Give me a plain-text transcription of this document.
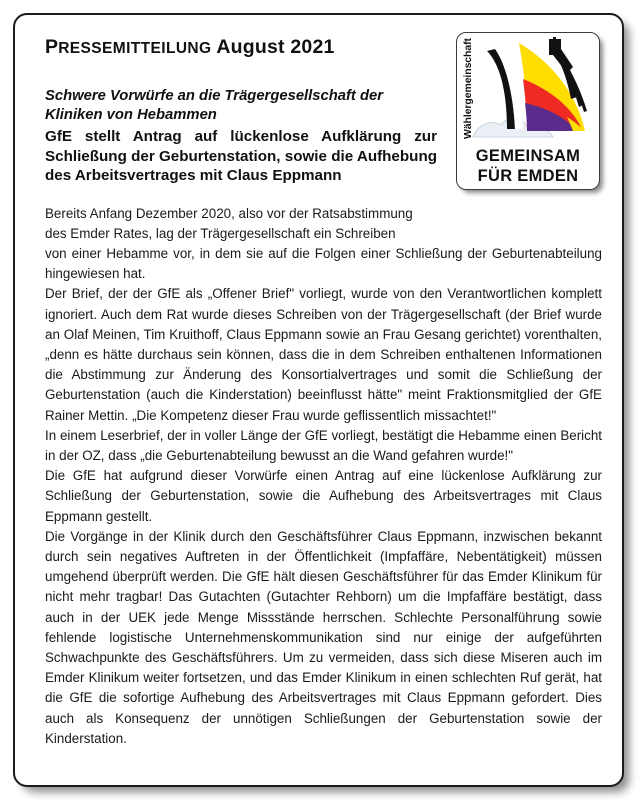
Wählergemeinschaft
GEMEINSAM
FÜR EMDEN
PRESSEMITTEILUNG August 2021
Schwere Vorwürfe an die Trägergesellschaft der Kliniken von Hebammen
GfE stellt Antrag auf lückenlose Aufklärung zur Schließung der Geburtenstation, sowie die Aufhebung des Arbeitsvertrages mit Claus Eppmann

Bereits Anfang Dezember 2020, also vor der Ratsabstimmung des Emder Rates, lag der Trägergesellschaft ein Schreiben

von einer Hebamme vor, in dem sie auf die Folgen einer Schließung der Geburtenabteilung hingewiesen hat.

Der Brief, der der GfE als „Offener Brief" vorliegt, wurde von den Verantwortlichen komplett ignoriert. Auch dem Rat wurde dieses Schreiben von der Trägergesellschaft (der Brief wurde an Olaf Meinen, Tim Kruithoff, Claus Eppmann sowie an Frau Gesang gerichtet) vorenthalten, „denn es hätte durchaus sein können, dass die in dem Schreiben enthaltenen Informationen die Abstimmung zur Änderung des Konsortialvertrages und somit die Schließung der Geburtenstation (auch die Kinderstation) beeinflusst hätte" meint Fraktionsmitglied der GfE Rainer Mettin. „Die Kompetenz dieser Frau wurde geflissentlich missachtet!"

In einem Leserbrief, der in voller Länge der GfE vorliegt, bestätigt die Hebamme einen Bericht in der OZ, dass „die Geburtenabteilung bewusst an die Wand gefahren wurde!"

Die GfE hat aufgrund dieser Vorwürfe einen Antrag auf eine lückenlose Aufklärung zur Schließung der Geburtenstation, sowie die Aufhebung des Arbeitsvertrages mit Claus Eppmann gestellt.

Die Vorgänge in der Klinik durch den Geschäftsführer Claus Eppmann, inzwischen bekannt durch sein negatives Auftreten in der Öffentlichkeit (Impfaffäre, Nebentätigkeit) müssen umgehend überprüft werden. Die GfE hält diesen Geschäftsführer für das Emder Klinikum für nicht mehr tragbar! Das Gutachten (Gutachter Rehborn) um die Impfaffäre bestätigt, dass auch in der UEK jede Menge Missstände herrschen. Schlechte Personalführung sowie fehlende logistische Unternehmenskommunikation sind nur einige der aufgeführten Schwachpunkte des Geschäftsführers. Um zu vermeiden, dass sich diese Miseren auch im Emder Klinikum weiter fortsetzen, und das Emder Klinikum in einen schlechten Ruf gerät, hat die GfE die sofortige Aufhebung des Arbeitsvertrages mit Claus Eppmann gefordert. Dies auch als Konsequenz der unnötigen Schließungen der Geburtenstation sowie der Kinderstation.
